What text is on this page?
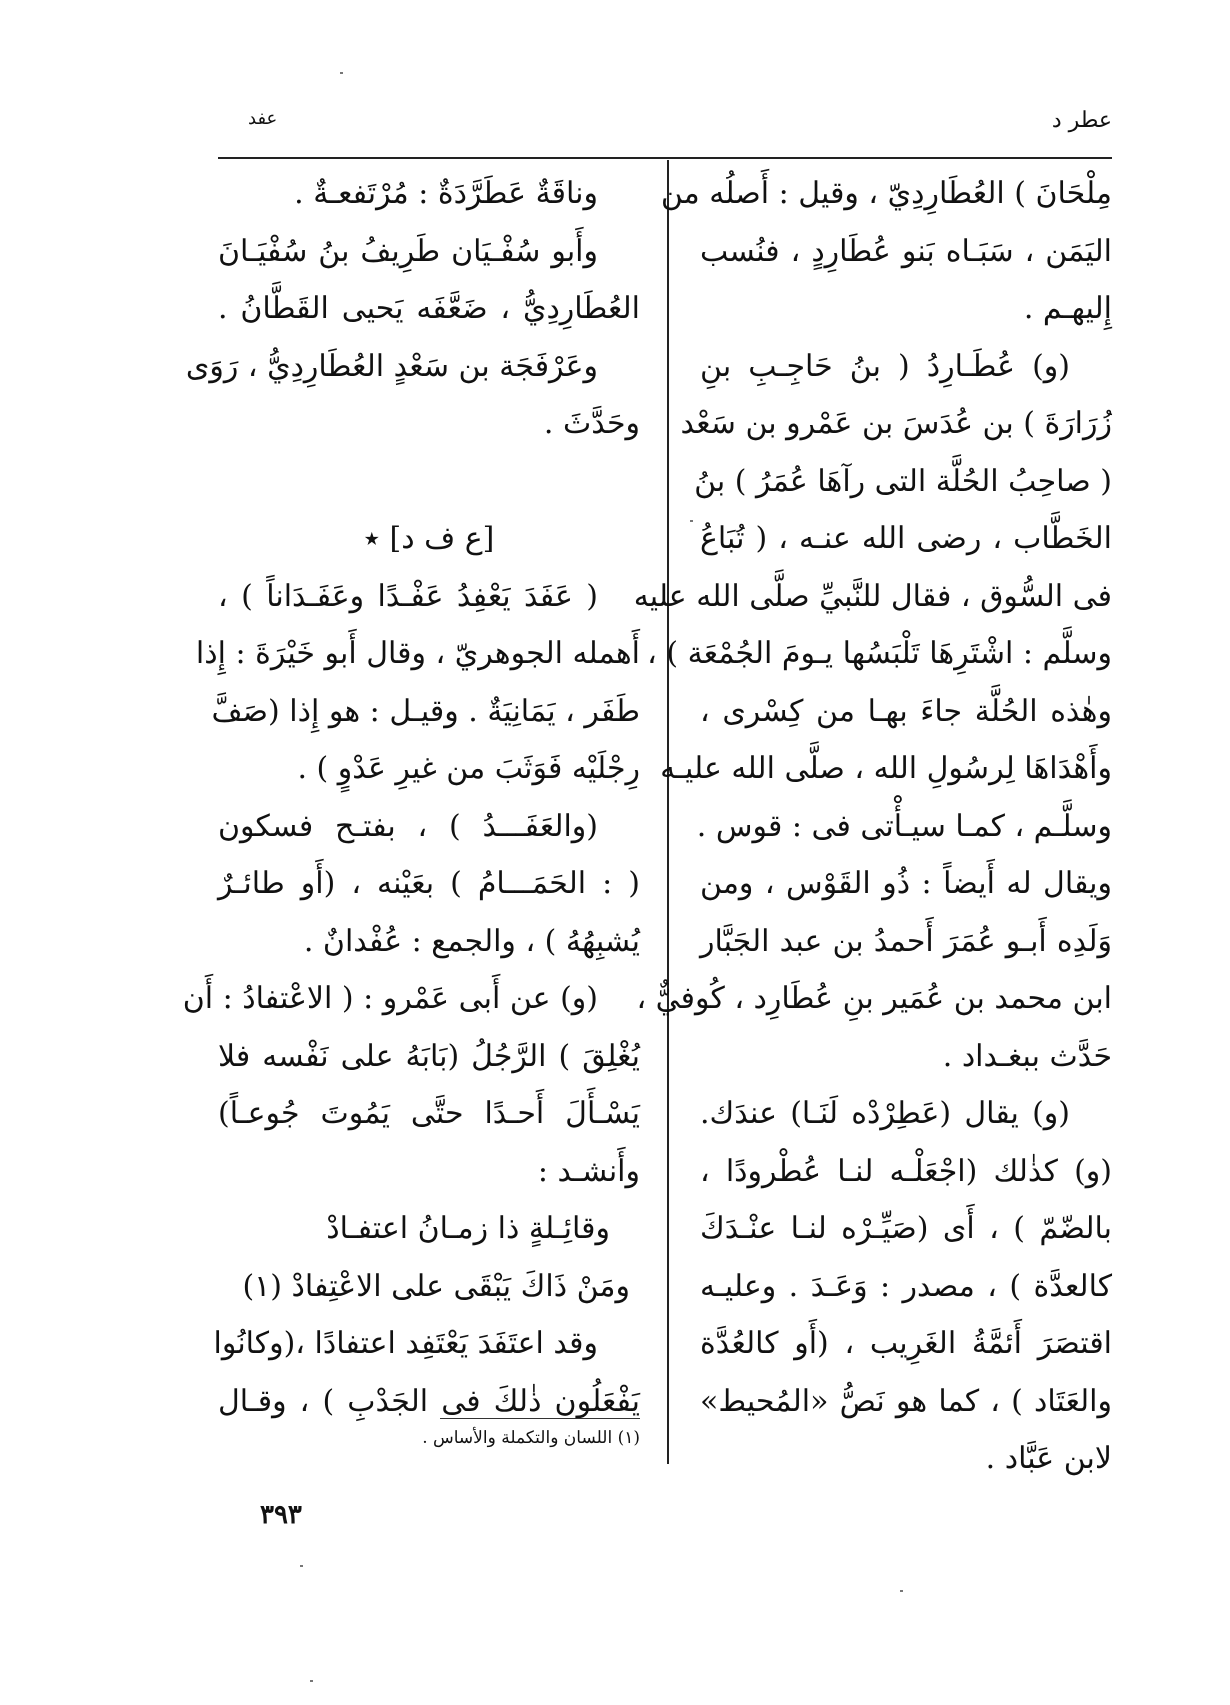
عطر د
عفد
مِلْحَانَ ) العُطَارِدِيّ ، وقيل : أَصلُه من
اليَمَن ، سَبَـاه بَنو عُطَارِدٍ ، فنُسب
إِليهـم .
(و) عُطَـارِدُ ( بنُ حَاجِـبِ بنِ
زُرَارَةَ ) بن عُدَسَ بن عَمْرو بن سَعْد
( صاحِبُ الحُلَّة التى رآهَا عُمَرُ ) بنُ
الخَطَّاب ، رضى الله عنـه ، ( تُبَاعُ
فى السُّوق ، فقال للنَّبيِّ صلَّى الله عليه
وسلَّم : اشْتَرِهَا تَلْبَسُها يـومَ الجُمْعَة ) ،
وهٰذه الحُلَّة جاءَ بهـا من كِسْرى ،
وأَهْدَاهَا لِرسُولِ الله ، صلَّى الله عليـه
وسلَّـم ، كمـا سيـأْتى فى : قوس .
ويقال له أَيضاً : ذُو القَوْس ، ومن
وَلَدِه أَبـو عُمَرَ أَحمدُ بن عبد الجَبَّار
ابن محمد بن عُمَير بنِ عُطَارِد ، كُوفيٌّ ،
حَدَّث ببغـداد .
(و) يقال (عَطِرْدْه لَنَـا) عندَك.
(و) كذٰلك (اجْعَلْـه لنـا عُطْرودًا ،
بالضّمّ ) ، أَى (صَيِّـرْه لنـا عنْـدَكَ
كالعدَّة ) ، مصدر : وَعَـدَ . وعليـه
اقتصَرَ أَئمَّةُ الغَرِيب ، (أَو كالعُدَّة
والعَتَاد ) ، كما هو نَصُّ «المُحيط»
لابن عَبَّاد .
وناقَةٌ عَطَرَّدَةٌ : مُرْتَفعـةٌ .
وأَبو سُفْـيَان طَرِيفُ بنُ سُفْيَـانَ
العُطَارِدِيُّ ، ضَعَّفَه يَحيى القَطَّانُ .
وعَرْفَجَة بن سَعْدٍ العُطَارِدِيُّ ، رَوَى
وحَدَّثَ .
[ع ف د] ٭
( عَفَدَ يَعْفِدُ عَفْـدًا وعَفَـدَاناً ) ،
أَهمله الجوهريّ ، وقال أَبو خَيْرَةَ : إِذا
طَفَر ، يَمَانِيَةٌ . وقيـل : هو إِذا (صَفَّ
رِجْلَيْه فَوَثَبَ من غيرِ عَدْوٍ ) .
(والعَفَـــدُ ) ، بفتـح فسكون
( : الحَمَـــامُ ) بعَيْنه ، (أَو طائـرٌ
يُشبِهُهُ ) ، والجمع : عُفْدانٌ .
(و) عن أَبى عَمْرو : ( الاعْتفادُ : أَن
يُغْلِقَ ) الرَّجُلُ (بَابَهُ على نَفْسه فلا
يَسْـأَلَ أَحـدًا حتَّى يَمُوتَ جُوعـاً)
وأَنشـد :
وقائِـلةٍ ذا زمـانُ اعتفـادْ
ومَنْ ذَاكَ يَبْقَى على الاعْتِفادْ (١)
وقد اعتَفَدَ يَعْتَفِد اعتفادًا ،(وكانُوا
يَفْعَلُون ذٰلكَ فى الجَدْبِ ) ، وقـال
(١) اللسان والتكملة والأساس .
٣٩٣
